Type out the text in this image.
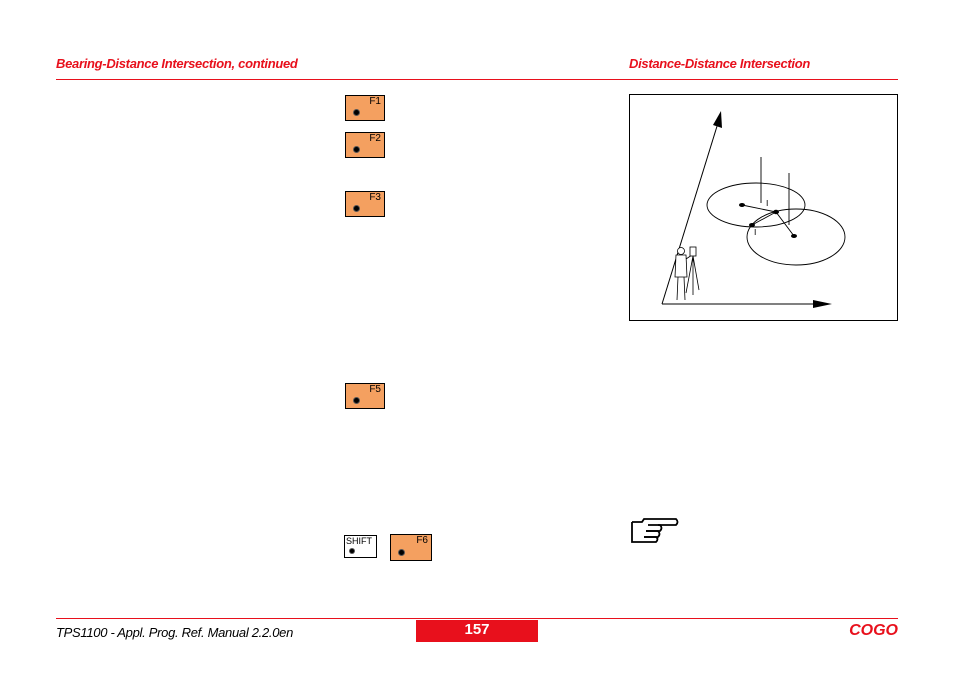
Bearing-Distance Intersection, continued	Distance-Distance Intersection
F1
F2
F3
F5
SHIFT	F6
I
I
TPS1100 - Appl. Prog. Ref. Manual 2.2.0en	157	COGO
